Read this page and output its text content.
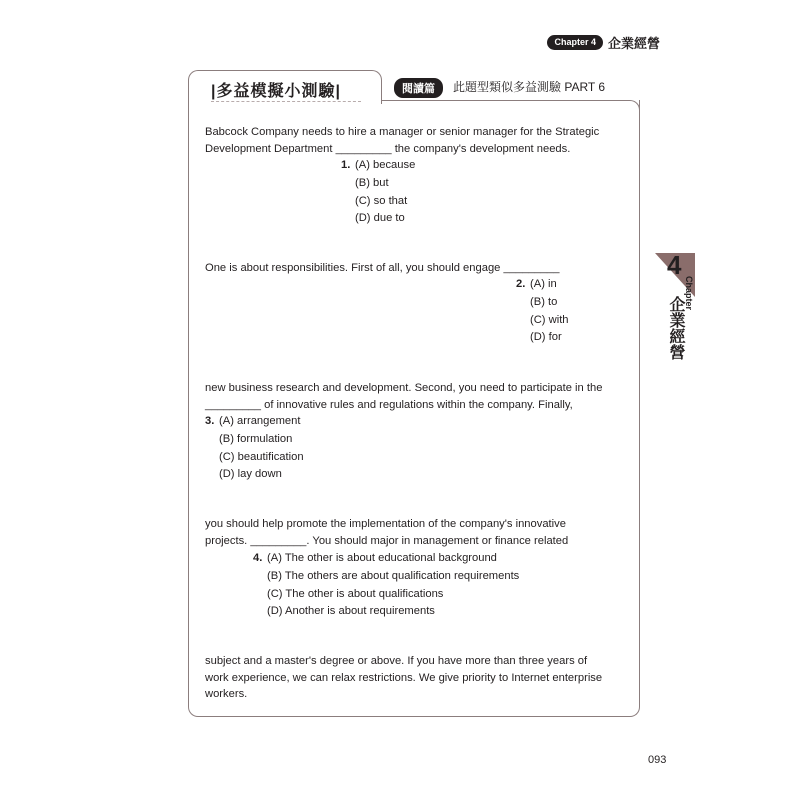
Chapter 4 企業經營
|多益模擬小測驗|	閱讀篇	此題型類似多益測驗 PART 6
Babcock Company needs to hire a manager or senior manager for the Strategic
Development Department _________ the company's development needs.
1. (A) because
(B) but
(C) so that
(D) due to
One is about responsibilities. First of all, you should engage _________
2. (A) in
(B) to
(C) with
(D) for
new business research and development. Second, you need to participate in the
_________ of innovative rules and regulations within the company. Finally,
3. (A) arrangement
(B) formulation
(C) beautification
(D) lay down
you should help promote the implementation of the company's innovative
projects. _________. You should major in management or finance related
4. (A) The other is about educational background
(B) The others are about qualification requirements
(C) The other is about qualifications
(D) Another is about requirements
subject and a master's degree or above. If you have more than three years of
work experience, we can relax restrictions. We give priority to Internet enterprise
workers.
4
Chapter
企業經營
093
